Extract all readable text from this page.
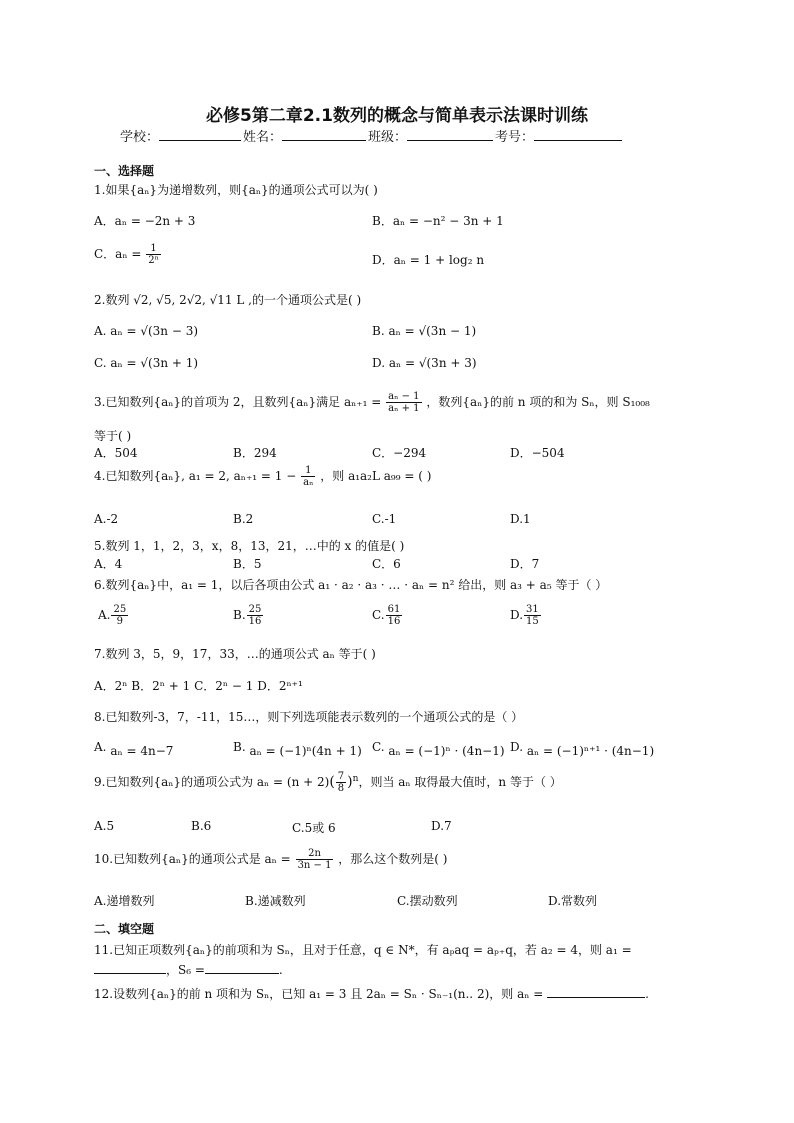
必修5第二章2.1数列的概念与简单表示法课时训练
学校：	姓名：	班级：	考号：
一、选择题
1.如果{aₙ}为递增数列，则{aₙ}的通项公式可以为( )
A．aₙ = −2n + 3	B．aₙ = −n² − 3n + 1
C．$a_n = \frac{1}{\text{2ⁿ}}$	D．aₙ = 1 + log₂ n
2.数列 √2, √5, 2√2, √11 L ,的一个通项公式是( )
A. aₙ = √(3n − 3)	B. aₙ = √(3n − 1)
C. aₙ = √(3n + 1)	D. aₙ = √(3n + 3)
3.已知数列{aₙ}的首项为 2，且数列{aₙ}满足 $a_{n+1} = \frac{\text{aₙ − 1}}{\text{aₙ + 1}}$ ，数列{aₙ}的前 n 项的和为 Sₙ，则 S₁₀₀₈
等于( )
A．504	B．294	C．−294	D．−504
4.已知数列{aₙ}, a₁ = 2, $a_{n+1} = 1 - \frac{1}{\text{aₙ}}$ ，则 a₁a₂L a₉₉ = ( )
A.-2	B.2	C.-1	D.1
5.数列 1，1，2，3，x，8，13，21，…中的 x 的值是( )
A．4	B．5	C．6	D．7
6.数列{aₙ}中，a₁ = 1，以后各项由公式 a₁ · a₂ · a₃ · … · aₙ = n² 给出，则 a₃ + a₅ 等于（ ）
A. $\frac{25}{9}$	B. $\frac{25}{16}$	C. $\frac{61}{16}$	D. $\frac{31}{15}$
7.数列 3，5，9，17，33，…的通项公式 aₙ 等于( )
A．2ⁿ B．2ⁿ + 1 C．2ⁿ − 1 D．2ⁿ⁺¹
8.已知数列-3，7，-11，15…，则下列选项能表示数列的一个通项公式的是（ ）
A. aₙ = 4n−7	B. aₙ = (−1)ⁿ(4n + 1) C. aₙ = (−1)ⁿ · (4n−1) D. aₙ = (−1)ⁿ⁺¹ · (4n−1)
9.已知数列{aₙ}的通项公式为 $a_n = (n + 2)( \frac{7}{8} )^n$，则当 aₙ 取得最大值时，n 等于（ ）
A.5	B.6	C.5或 6	D.7
10.已知数列{aₙ}的通项公式是 $a_n = \frac{2n}{3n - 1}$ ，那么这个数列是( )
A.递增数列	B.递减数列	C.摆动数列	D.常数列
二、填空题
11.已知正项数列{aₙ}的前项和为 Sₙ，且对于任意，q ∈ N*，有 aₚaq = aₚ₊q，若 a₂ = 4，则 a₁ =
，S₆ =	.
12.设数列{aₙ}的前 n 项和为 Sₙ，已知 a₁ = 3 且 2aₙ = Sₙ · Sₙ₋₁(n.. 2)，则 aₙ =	.
